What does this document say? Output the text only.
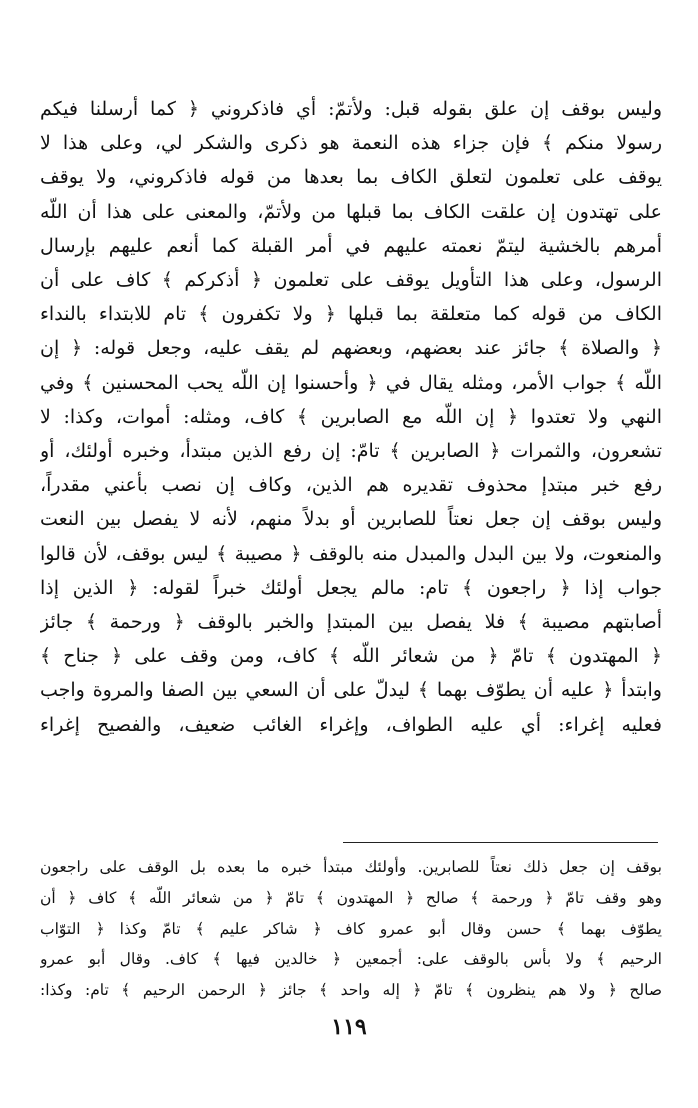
وليس بوقف إن علق بقوله قبل: ولأتمّ: أي فاذكروني ﴿ كما أرسلنا فيكم
رسولا منكم ﴾ فإن جزاء هذه النعمة هو ذكرى والشكر لي، وعلى هذا لا
يوقف على تعلمون لتعلق الكاف بما بعدها من قوله فاذكروني، ولا يوقف
على تهتدون إن علقت الكاف بما قبلها من ولأتمّ، والمعنى على هذا أن اللّه
أمرهم بالخشية ليتمّ نعمته عليهم في أمر القبلة كما أنعم عليهم بإرسال
الرسول، وعلى هذا التأويل يوقف على تعلمون ﴿ أذكركم ﴾ كاف على أن
الكاف من قوله كما متعلقة بما قبلها ﴿ ولا تكفرون ﴾ تام للابتداء بالنداء
﴿ والصلاة ﴾ جائز عند بعضهم، وبعضهم لم يقف عليه، وجعل قوله: ﴿ إن
اللّه ﴾ جواب الأمر، ومثله يقال في ﴿ وأحسنوا إن اللّه يحب المحسنين ﴾ وفي
النهي ولا تعتدوا ﴿ إن اللّه مع الصابرين ﴾ كاف، ومثله: أموات، وكذا: لا
تشعرون، والثمرات ﴿ الصابرين ﴾ تامّ: إن رفع الذين مبتدأ، وخبره أولئك، أو
رفع خبر مبتدإ محذوف تقديره هم الذين، وكاف إن نصب بأعني مقدراً،
وليس بوقف إن جعل نعتاً للصابرين أو بدلاً منهم، لأنه لا يفصل بين النعت
والمنعوت، ولا بين البدل والمبدل منه بالوقف ﴿ مصيبة ﴾ ليس بوقف، لأن قالوا
جواب إذا ﴿ راجعون ﴾ تام: مالم يجعل أولئك خبراً لقوله: ﴿ الذين إذا
أصابتهم مصيبة ﴾ فلا يفصل بين المبتدإ والخبر بالوقف ﴿ ورحمة ﴾ جائز
﴿ المهتدون ﴾ تامّ ﴿ من شعائر اللّه ﴾ كاف، ومن وقف على ﴿ جناح ﴾
وابتدأ ﴿ عليه أن يطوّف بهما ﴾ ليدلّ على أن السعي بين الصفا والمروة واجب
فعليه إغراء: أي عليه الطواف، وإغراء الغائب ضعيف، والفصيح إغراء
بوقف إن جعل ذلك نعتاً للصابرين. وأولئك مبتدأ خبره ما بعده بل الوقف على راجعون
وهو وقف تامّ ﴿ ورحمة ﴾ صالح ﴿ المهتدون ﴾ تامّ ﴿ من شعائر اللّه ﴾ كاف ﴿ أن
يطوّف بهما ﴾ حسن وقال أبو عمرو كاف ﴿ شاكر عليم ﴾ تامّ وكذا ﴿ التوّاب
الرحيم ﴾ ولا بأس بالوقف على: أجمعين ﴿ خالدين فيها ﴾ كاف. وقال أبو عمرو
صالح ﴿ ولا هم ينظرون ﴾ تامّ ﴿ إله واحد ﴾ جائز ﴿ الرحمن الرحيم ﴾ تام: وكذا:
١١٩
